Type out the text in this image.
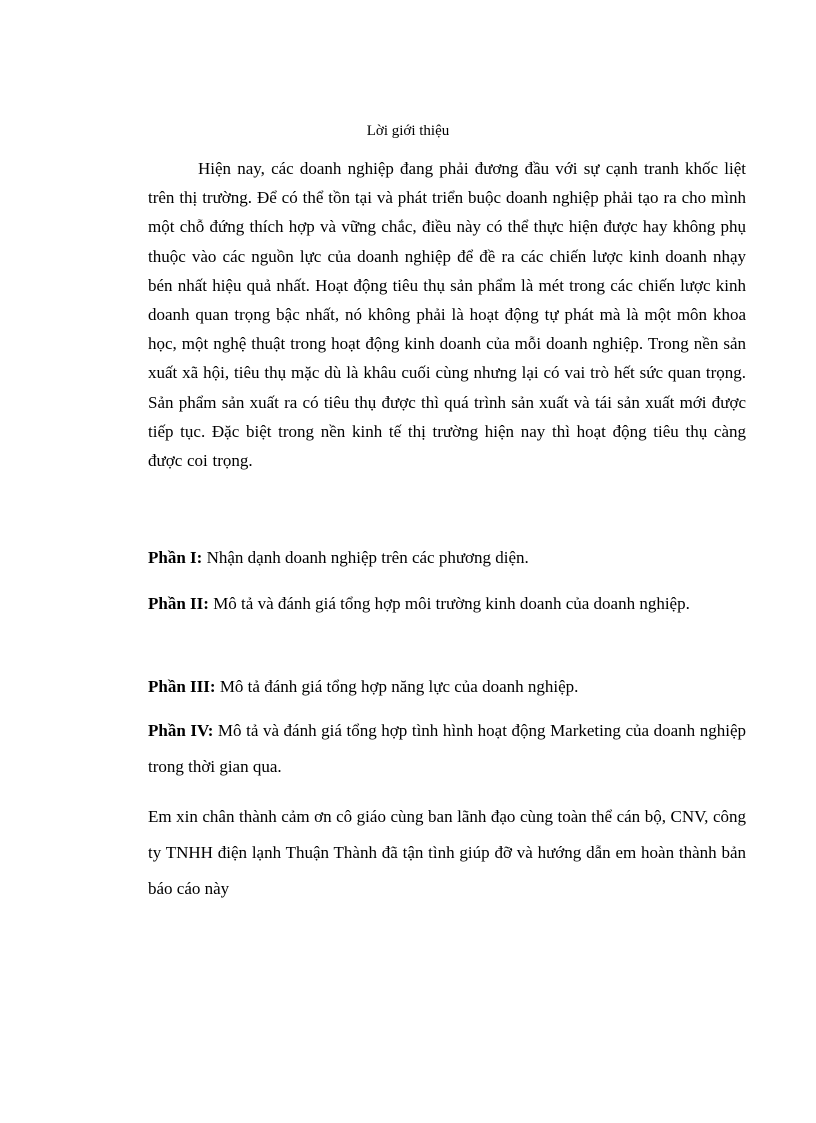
Lời giới thiệu

Hiện nay, các doanh nghiệp đang phải đương đầu với sự cạnh tranh khốc liệt trên thị trường. Để có thể tồn tại và phát triển buộc doanh nghiệp phải tạo ra cho mình một chỗ đứng thích hợp và vững chắc, điều này có thể thực hiện được hay không phụ thuộc vào các nguồn lực của doanh nghiệp để đề ra các chiến lược kinh doanh nhạy bén nhất hiệu quả nhất. Hoạt động tiêu thụ sản phẩm là mét trong các chiến lược kinh doanh quan trọng bậc nhất, nó không phải là hoạt động tự phát mà là một môn khoa học, một nghệ thuật trong hoạt động kinh doanh của mỗi doanh nghiệp. Trong nền sản xuất xã hội, tiêu thụ mặc dù là khâu cuối cùng nhưng lại có vai trò hết sức quan trọng. Sản phẩm sản xuất ra có tiêu thụ được thì quá trình sản xuất và tái sản xuất mới được tiếp tục. Đặc biệt trong nền kinh tế thị trường hiện nay thì hoạt động tiêu thụ càng được coi trọng.

Phần I: Nhận dạnh doanh nghiệp trên các phương diện.

Phần II: Mô tả và đánh giá tổng hợp môi trường kinh doanh của doanh nghiệp.

Phần III: Mô tả đánh giá tổng hợp năng lực của doanh nghiệp.

Phần IV: Mô tả và đánh giá tổng hợp tình hình hoạt động Marketing của doanh nghiệp trong thời gian qua.

Em xin chân thành cảm ơn cô giáo cùng ban lãnh đạo cùng toàn thể cán bộ, CNV, công ty TNHH điện lạnh Thuận Thành đã tận tình giúp đỡ và hướng dẫn em hoàn thành bản báo cáo này
